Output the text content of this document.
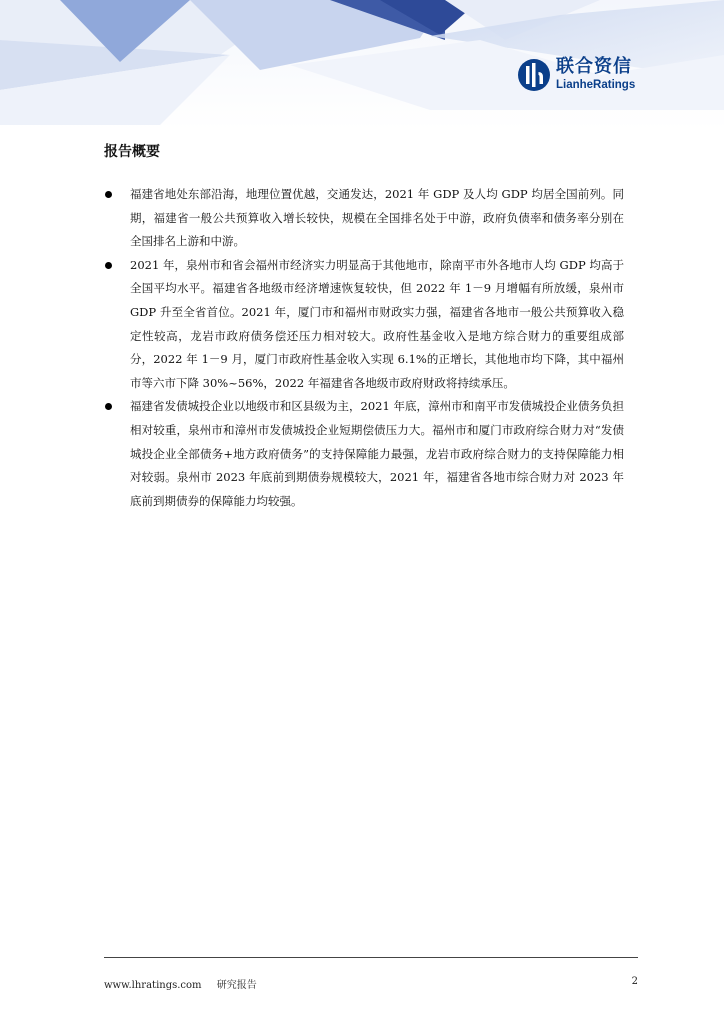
联合资信
LianheRatings
报告概要
福建省地处东部沿海，地理位置优越，交通发达，2021 年 GDP 及人均 GDP 均居全国前列。同期，福建省一般公共预算收入增长较快，规模在全国排名处于中游，政府负债率和债务率分别在全国排名上游和中游。
2021 年，泉州市和省会福州市经济实力明显高于其他地市，除南平市外各地市人均 GDP 均高于全国平均水平。福建省各地级市经济增速恢复较快，但 2022 年 1－9 月增幅有所放缓，泉州市 GDP 升至全省首位。2021 年，厦门市和福州市财政实力强，福建省各地市一般公共预算收入稳定性较高，龙岩市政府债务偿还压力相对较大。政府性基金收入是地方综合财力的重要组成部分，2022 年 1－9 月，厦门市政府性基金收入实现 6.1%的正增长，其他地市均下降，其中福州市等六市下降 30%~56%，2022 年福建省各地级市政府财政将持续承压。
福建省发债城投企业以地级市和区县级为主，2021 年底，漳州市和南平市发债城投企业债务负担相对较重，泉州市和漳州市发债城投企业短期偿债压力大。福州市和厦门市政府综合财力对“发债城投企业全部债务+地方政府债务”的支持保障能力最强，龙岩市政府综合财力的支持保障能力相对较弱。泉州市 2023 年底前到期债券规模较大，2021 年，福建省各地市综合财力对 2023 年底前到期债券的保障能力均较强。
www.lhratings.com 研究报告	2
